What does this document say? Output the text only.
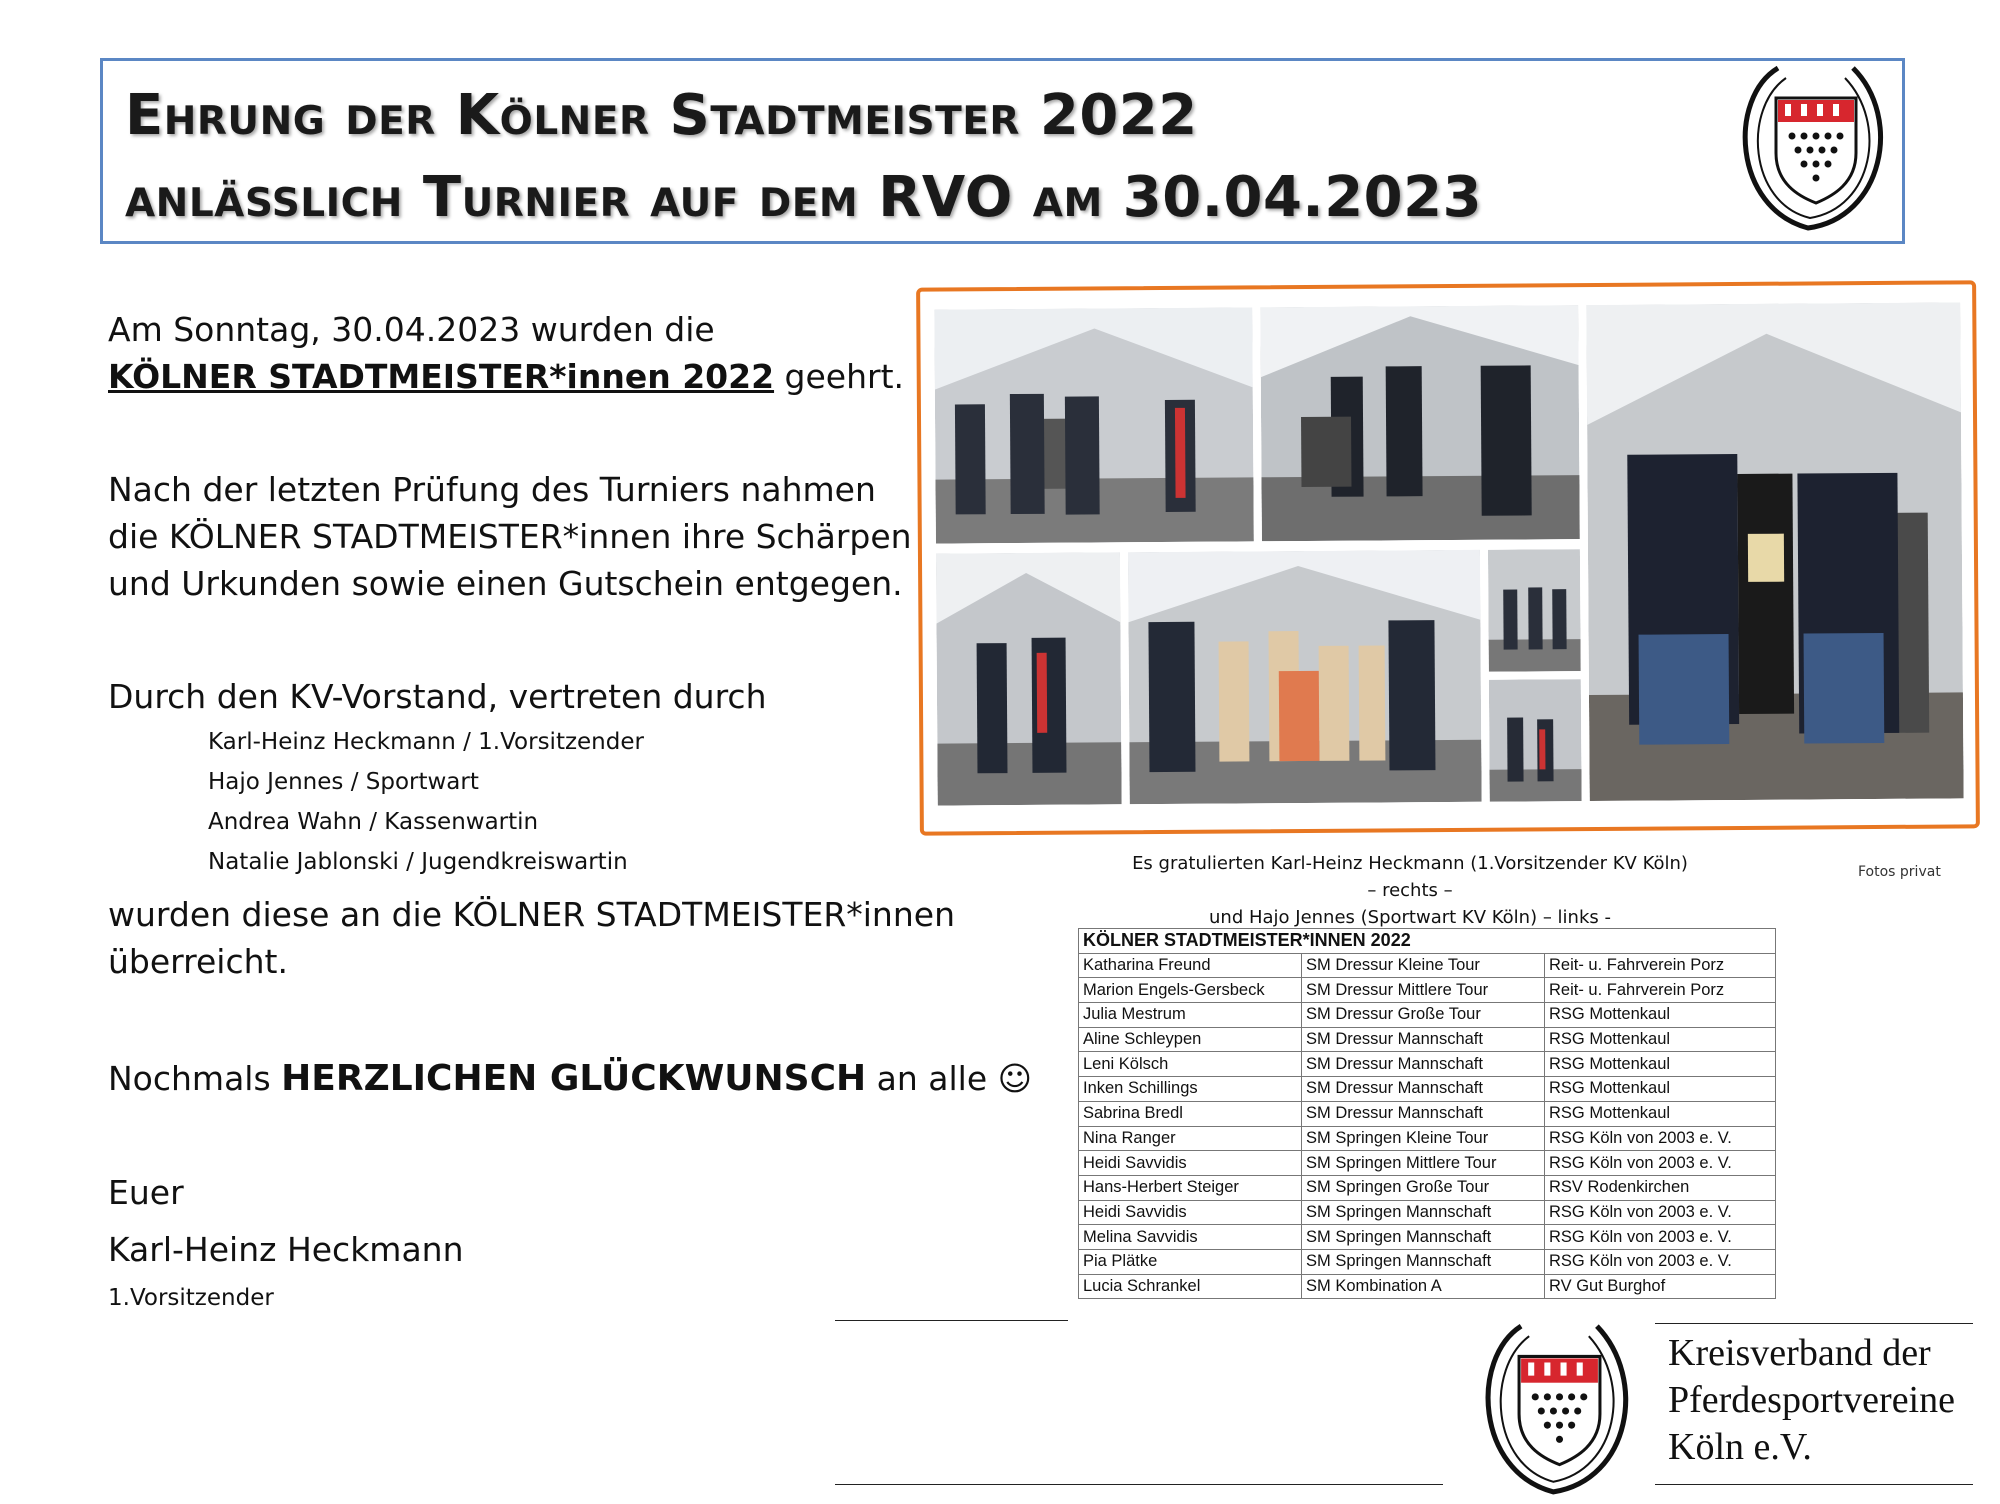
Ehrung der Kölner Stadtmeister 2022
anlässlich Turnier auf dem RVO am 30.04.2023
Am Sonntag, 30.04.2023 wurden die
KÖLNER STADTMEISTER*innen 2022 geehrt.
Nach der letzten Prüfung des Turniers nahmen
die KÖLNER STADTMEISTER*innen ihre Schärpen
und Urkunden sowie einen Gutschein entgegen.
Durch den KV-Vorstand, vertreten durch
Karl-Heinz Heckmann / 1.Vorsitzender
Hajo Jennes / Sportwart
Andrea Wahn / Kassenwartin
Natalie Jablonski / Jugendkreiswartin
wurden diese an die KÖLNER STADTMEISTER*innen
überreicht.
Nochmals HERZLICHEN GLÜCKWUNSCH an alle ☺
Euer
Karl-Heinz Heckmann
1.Vorsitzender
Es gratulierten Karl-Heinz Heckmann (1.Vorsitzender KV Köln) – rechts –
und Hajo Jennes (Sportwart KV Köln) – links -
Fotos privat
KÖLNER STADTMEISTER*INNEN 2022		
Katharina Freund	SM Dressur Kleine Tour	Reit- u. Fahrverein Porz
Marion Engels-Gersbeck	SM Dressur Mittlere Tour	Reit- u. Fahrverein Porz
Julia Mestrum	SM Dressur Große Tour	RSG Mottenkaul
Aline Schleypen	SM Dressur Mannschaft	RSG Mottenkaul
Leni Kölsch	SM Dressur Mannschaft	RSG Mottenkaul
Inken Schillings	SM Dressur Mannschaft	RSG Mottenkaul
Sabrina Bredl	SM Dressur Mannschaft	RSG Mottenkaul
Nina Ranger	SM Springen Kleine Tour	RSG Köln von 2003 e. V.
Heidi Savvidis	SM Springen Mittlere Tour	RSG Köln von 2003 e. V.
Hans-Herbert Steiger	SM Springen Große Tour	RSV Rodenkirchen
Heidi Savvidis	SM Springen Mannschaft	RSG Köln von 2003 e. V.
Melina Savvidis	SM Springen Mannschaft	RSG Köln von 2003 e. V.
Pia Plätke	SM Springen Mannschaft	RSG Köln von 2003 e. V.
Lucia Schrankel	SM Kombination A	RV Gut Burghof
Kreisverband der
Pferdesportvereine
Köln e.V.
